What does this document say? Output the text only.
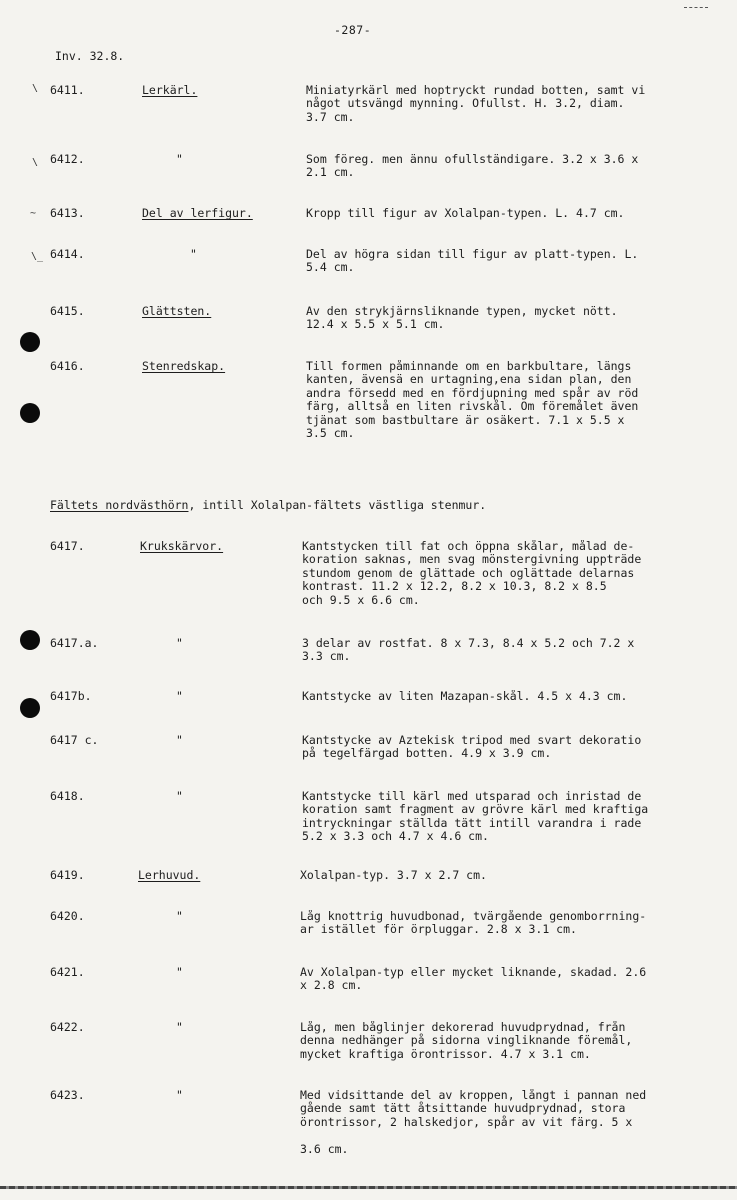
-287-
Inv. 32.8.
\
\
~
\_
6411.	Lerkärl.	Miniatyrkärl med hoptryckt rundad botten, samt vi
något utsvängd mynning. Ofullst. H. 3.2, diam.
3.7 cm.
6412.	"	Som föreg. men ännu ofullständigare. 3.2 x 3.6 x
2.1 cm.
6413.	Del av lerfigur.	Kropp till figur av Xolalpan-typen. L. 4.7 cm.
6414.	"	Del av högra sidan till figur av platt-typen. L.
5.4 cm.
6415.	Glättsten.	Av den strykjärnsliknande typen, mycket nött.
12.4 x 5.5 x 5.1 cm.
6416.	Stenredskap.	Till formen påminnande om en barkbultare, längs
kanten, ävensä en urtagning,ena sidan plan, den
andra försedd med en fördjupning med spår av röd
färg, alltså en liten rivskål. Om föremålet även
tjänat som bastbultare är osäkert. 7.1 x 5.5 x
3.5 cm.
Fältets nordvästhörn, intill Xolalpan-fältets västliga stenmur.
6417.	Krukskärvor.	Kantstycken till fat och öppna skålar, målad de-
koration saknas, men svag mönstergivning uppträde
stundom genom de glättade och oglättade delarnas
kontrast. 11.2 x 12.2, 8.2 x 10.3, 8.2 x 8.5
och 9.5 x 6.6 cm.
6417.a.	"	3 delar av rostfat. 8 x 7.3, 8.4 x 5.2 och 7.2 x
3.3 cm.
6417b.	"	Kantstycke av liten Mazapan-skål. 4.5 x 4.3 cm.
6417 c.	"	Kantstycke av Aztekisk tripod med svart dekoratio
på tegelfärgad botten. 4.9 x 3.9 cm.
6418.	"	Kantstycke till kärl med utsparad och inristad de
koration samt fragment av grövre kärl med kraftiga
intryckningar ställda tätt intill varandra i rade
5.2 x 3.3 och 4.7 x 4.6 cm.
6419.	Lerhuvud.	Xolalpan-typ. 3.7 x 2.7 cm.
6420.	"	Låg knottrig huvudbonad, tvärgående genomborrning-
ar istället för örpluggar. 2.8 x 3.1 cm.
6421.	"	Av Xolalpan-typ eller mycket liknande, skadad. 2.6
x 2.8 cm.
6422.	"	Låg, men båglinjer dekorerad huvudprydnad, från
denna nedhänger på sidorna vingliknande föremål,
mycket kraftiga örontrissor. 4.7 x 3.1 cm.
6423.	"	Med vidsittande del av kroppen, långt i pannan ned
gående samt tätt åtsittande huvudprydnad, stora
örontrissor, 2 halskedjor, spår av vit färg. 5 x

3.6 cm.
